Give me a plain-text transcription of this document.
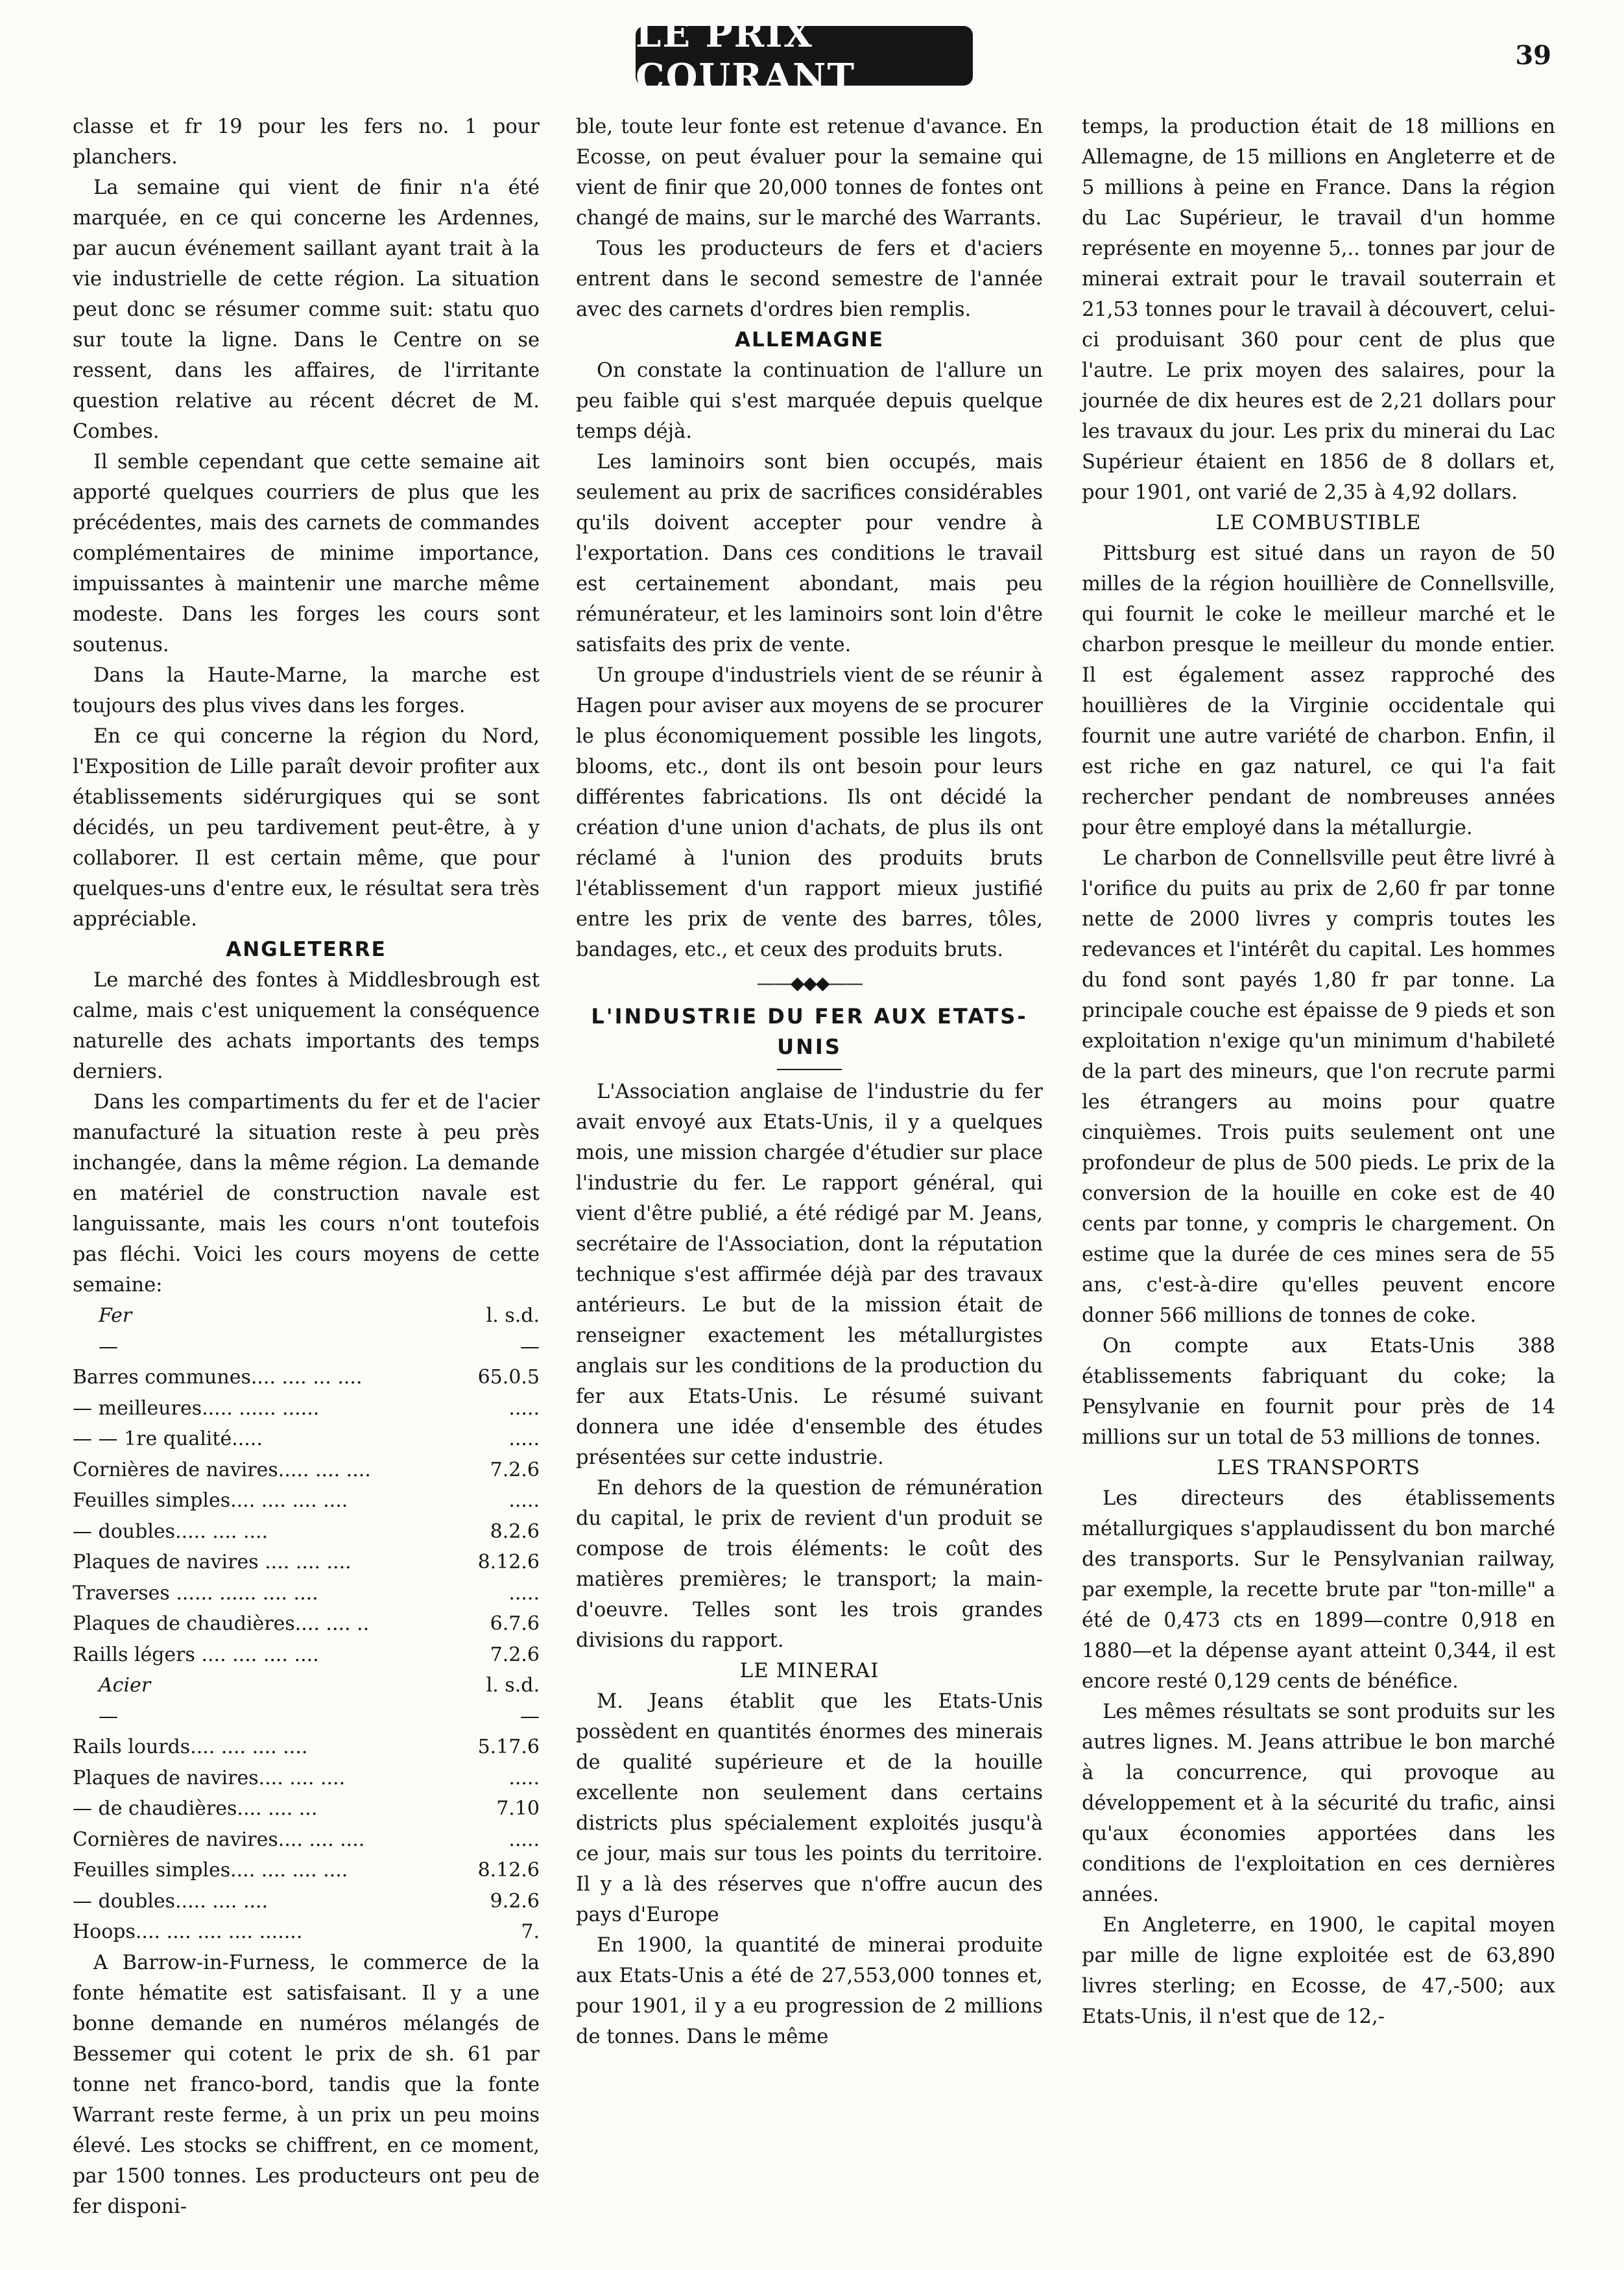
LE PRIX COURANT
39

classe et fr 19 pour les fers no. 1 pour planchers.

La semaine qui vient de finir n'a été marquée, en ce qui concerne les Ardennes, par aucun événement saillant ayant trait à la vie industrielle de cette région. La situation peut donc se résumer comme suit: statu quo sur toute la ligne. Dans le Centre on se ressent, dans les affaires, de l'irritante question relative au récent décret de M. Combes.

Il semble cependant que cette semaine ait apporté quelques courriers de plus que les précédentes, mais des carnets de commandes complémentaires de minime importance, impuissantes à maintenir une marche même modeste. Dans les forges les cours sont soutenus.

Dans la Haute-Marne, la marche est toujours des plus vives dans les forges.

En ce qui concerne la région du Nord, l'Exposition de Lille paraît devoir profiter aux établissements sidérurgiques qui se sont décidés, un peu tardivement peut-être, à y collaborer. Il est certain même, que pour quelques-uns d'entre eux, le résultat sera très appréciable.

ANGLETERRE

Le marché des fontes à Middlesbrough est calme, mais c'est uniquement la conséquence naturelle des achats importants des temps derniers.

Dans les compartiments du fer et de l'acier manufacturé la situation reste à peu près inchangée, dans la même région. La demande en matériel de construction navale est languissante, mais les cours n'ont toutefois pas fléchi. Voici les cours moyens de cette semaine:

Fer	l. s.d.
—	—
Barres communes.... .... ... ....	65.0.5
— meilleures..... ...... ......	.....
— — 1re qualité.....	.....
Cornières de navires..... .... ....	7.2.6
Feuilles simples.... .... .... ....	.....
— doubles..... .... ....	8.2.6
Plaques de navires .... .... ....	8.12.6
Traverses ...... ...... .... ....	.....
Plaques de chaudières.... .... ..	6.7.6
Raills légers .... .... .... ....	7.2.6
Acier	l. s.d.
—	—
Rails lourds.... .... .... ....	5.17.6
Plaques de navires.... .... ....	.....
— de chaudières.... .... ...	7.10
Cornières de navires.... .... ....	.....
Feuilles simples.... .... .... ....	8.12.6
— doubles..... .... ....	9.2.6
Hoops.... .... .... .... .......	7.

A Barrow-in-Furness, le commerce de la fonte hématite est satisfaisant. Il y a une bonne demande en numéros mélangés de Bessemer qui cotent le prix de sh. 61 par tonne net franco-bord, tandis que la fonte Warrant reste ferme, à un prix un peu moins élevé. Les stocks se chiffrent, en ce moment, par 1500 tonnes. Les producteurs ont peu de fer disponi-

ble, toute leur fonte est retenue d'avance. En Ecosse, on peut évaluer pour la semaine qui vient de finir que 20,000 tonnes de fontes ont changé de mains, sur le marché des Warrants.

Tous les producteurs de fers et d'aciers entrent dans le second semestre de l'année avec des carnets d'ordres bien remplis.

ALLEMAGNE

On constate la continuation de l'allure un peu faible qui s'est marquée depuis quelque temps déjà.

Les laminoirs sont bien occupés, mais seulement au prix de sacrifices considérables qu'ils doivent accepter pour vendre à l'exportation. Dans ces conditions le travail est certainement abondant, mais peu rémunérateur, et les laminoirs sont loin d'être satisfaits des prix de vente.

Un groupe d'industriels vient de se réunir à Hagen pour aviser aux moyens de se procurer le plus économiquement possible les lingots, blooms, etc., dont ils ont besoin pour leurs différentes fabrications. Ils ont décidé la création d'une union d'achats, de plus ils ont réclamé à l'union des produits bruts l'établissement d'un rapport mieux justifié entre les prix de vente des barres, tôles, bandages, etc., et ceux des produits bruts.

——◆◆◆——
L'INDUSTRIE DU FER AUX ETATS-UNIS

L'Association anglaise de l'industrie du fer avait envoyé aux Etats-Unis, il y a quelques mois, une mission chargée d'étudier sur place l'industrie du fer. Le rapport général, qui vient d'être publié, a été rédigé par M. Jeans, secrétaire de l'Association, dont la réputation technique s'est affirmée déjà par des travaux antérieurs. Le but de la mission était de renseigner exactement les métallurgistes anglais sur les conditions de la production du fer aux Etats-Unis. Le résumé suivant donnera une idée d'ensemble des études présentées sur cette industrie.

En dehors de la question de rémunération du capital, le prix de revient d'un produit se compose de trois éléments: le coût des matières premières; le transport; la main-d'oeuvre. Telles sont les trois grandes divisions du rapport.

LE MINERAI

M. Jeans établit que les Etats-Unis possèdent en quantités énormes des minerais de qualité supérieure et de la houille excellente non seulement dans certains districts plus spécialement exploités jusqu'à ce jour, mais sur tous les points du territoire. Il y a là des réserves que n'offre aucun des pays d'Europe

En 1900, la quantité de minerai produite aux Etats-Unis a été de 27,553,000 tonnes et, pour 1901, il y a eu progression de 2 millions de tonnes. Dans le même

temps, la production était de 18 millions en Allemagne, de 15 millions en Angleterre et de 5 millions à peine en France. Dans la région du Lac Supérieur, le travail d'un homme représente en moyenne 5,.. tonnes par jour de minerai extrait pour le travail souterrain et 21,53 tonnes pour le travail à découvert, celui-ci produisant 360 pour cent de plus que l'autre. Le prix moyen des salaires, pour la journée de dix heures est de 2,21 dollars pour les travaux du jour. Les prix du minerai du Lac Supérieur étaient en 1856 de 8 dollars et, pour 1901, ont varié de 2,35 à 4,92 dollars.

LE COMBUSTIBLE

Pittsburg est situé dans un rayon de 50 milles de la région houillière de Connellsville, qui fournit le coke le meilleur marché et le charbon presque le meilleur du monde entier. Il est également assez rapproché des houillières de la Virginie occidentale qui fournit une autre variété de charbon. Enfin, il est riche en gaz naturel, ce qui l'a fait rechercher pendant de nombreuses années pour être employé dans la métallurgie.

Le charbon de Connellsville peut être livré à l'orifice du puits au prix de 2,60 fr par tonne nette de 2000 livres y compris toutes les redevances et l'intérêt du capital. Les hommes du fond sont payés 1,80 fr par tonne. La principale couche est épaisse de 9 pieds et son exploitation n'exige qu'un minimum d'habileté de la part des mineurs, que l'on recrute parmi les étrangers au moins pour quatre cinquièmes. Trois puits seulement ont une profondeur de plus de 500 pieds. Le prix de la conversion de la houille en coke est de 40 cents par tonne, y compris le chargement. On estime que la durée de ces mines sera de 55 ans, c'est-à-dire qu'elles peuvent encore donner 566 millions de tonnes de coke.

On compte aux Etats-Unis 388 établissements fabriquant du coke; la Pensylvanie en fournit pour près de 14 millions sur un total de 53 millions de tonnes.

LES TRANSPORTS

Les directeurs des établissements métallurgiques s'applaudissent du bon marché des transports. Sur le Pensylvanian railway, par exemple, la recette brute par "ton-mille" a été de 0,473 cts en 1899—contre 0,918 en 1880—et la dépense ayant atteint 0,344, il est encore resté 0,129 cents de bénéfice.

Les mêmes résultats se sont produits sur les autres lignes. M. Jeans attribue le bon marché à la concurrence, qui provoque au développement et à la sécurité du trafic, ainsi qu'aux économies apportées dans les conditions de l'exploitation en ces dernières années.

En Angleterre, en 1900, le capital moyen par mille de ligne exploitée est de 63,890 livres sterling; en Ecosse, de 47,-500; aux Etats-Unis, il n'est que de 12,-
